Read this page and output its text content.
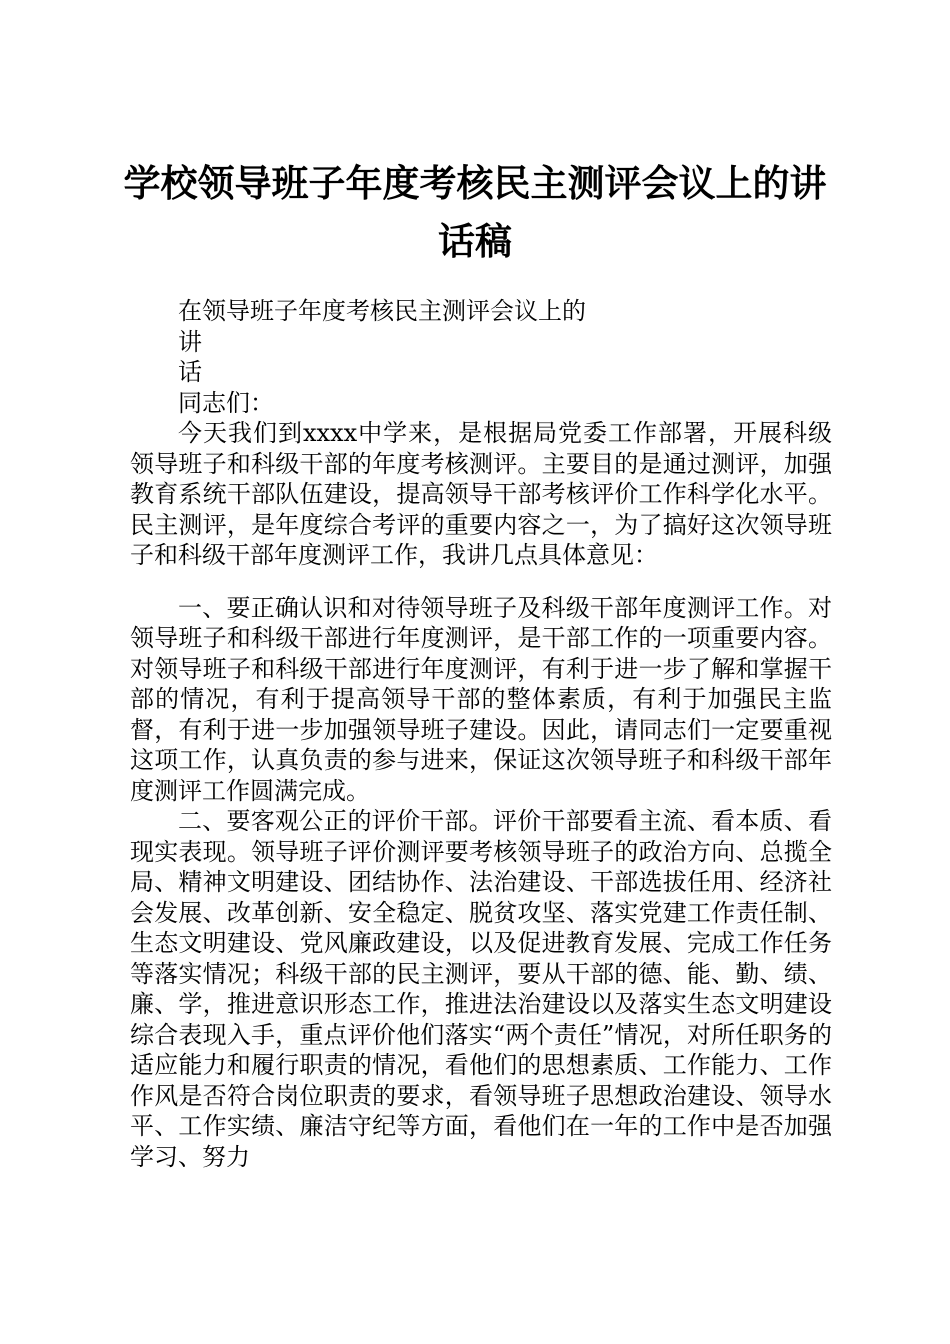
学校领导班子年度考核民主测评会议上的讲话稿

在领导班子年度考核民主测评会议上的

讲

话

同志们：

今天我们到xxxx中学来，是根据局党委工作部署，开展科级领导班子和科级干部的年度考核测评。主要目的是通过测评，加强教育系统干部队伍建设，提高领导干部考核评价工作科学化水平。民主测评，是年度综合考评的重要内容之一，为了搞好这次领导班子和科级干部年度测评工作，我讲几点具体意见：

一、要正确认识和对待领导班子及科级干部年度测评工作。对领导班子和科级干部进行年度测评，是干部工作的一项重要内容。对领导班子和科级干部进行年度测评，有利于进一步了解和掌握干部的情况，有利于提高领导干部的整体素质，有利于加强民主监督，有利于进一步加强领导班子建设。因此，请同志们一定要重视这项工作，认真负责的参与进来，保证这次领导班子和科级干部年度测评工作圆满完成。

二、要客观公正的评价干部。评价干部要看主流、看本质、看现实表现。领导班子评价测评要考核领导班子的政治方向、总揽全局、精神文明建设、团结协作、法治建设、干部选拔任用、经济社会发展、改革创新、安全稳定、脱贫攻坚、落实党建工作责任制、生态文明建设、党风廉政建设，以及促进教育发展、完成工作任务等落实情况；科级干部的民主测评，要从干部的德、能、勤、绩、廉、学，推进意识形态工作，推进法治建设以及落实生态文明建设综合表现入手，重点评价他们落实“两个责任”情况，对所任职务的适应能力和履行职责的情况，看他们的思想素质、工作能力、工作作风是否符合岗位职责的要求，看领导班子思想政治建设、领导水平、工作实绩、廉洁守纪等方面，看他们在一年的工作中是否加强学习、努力
